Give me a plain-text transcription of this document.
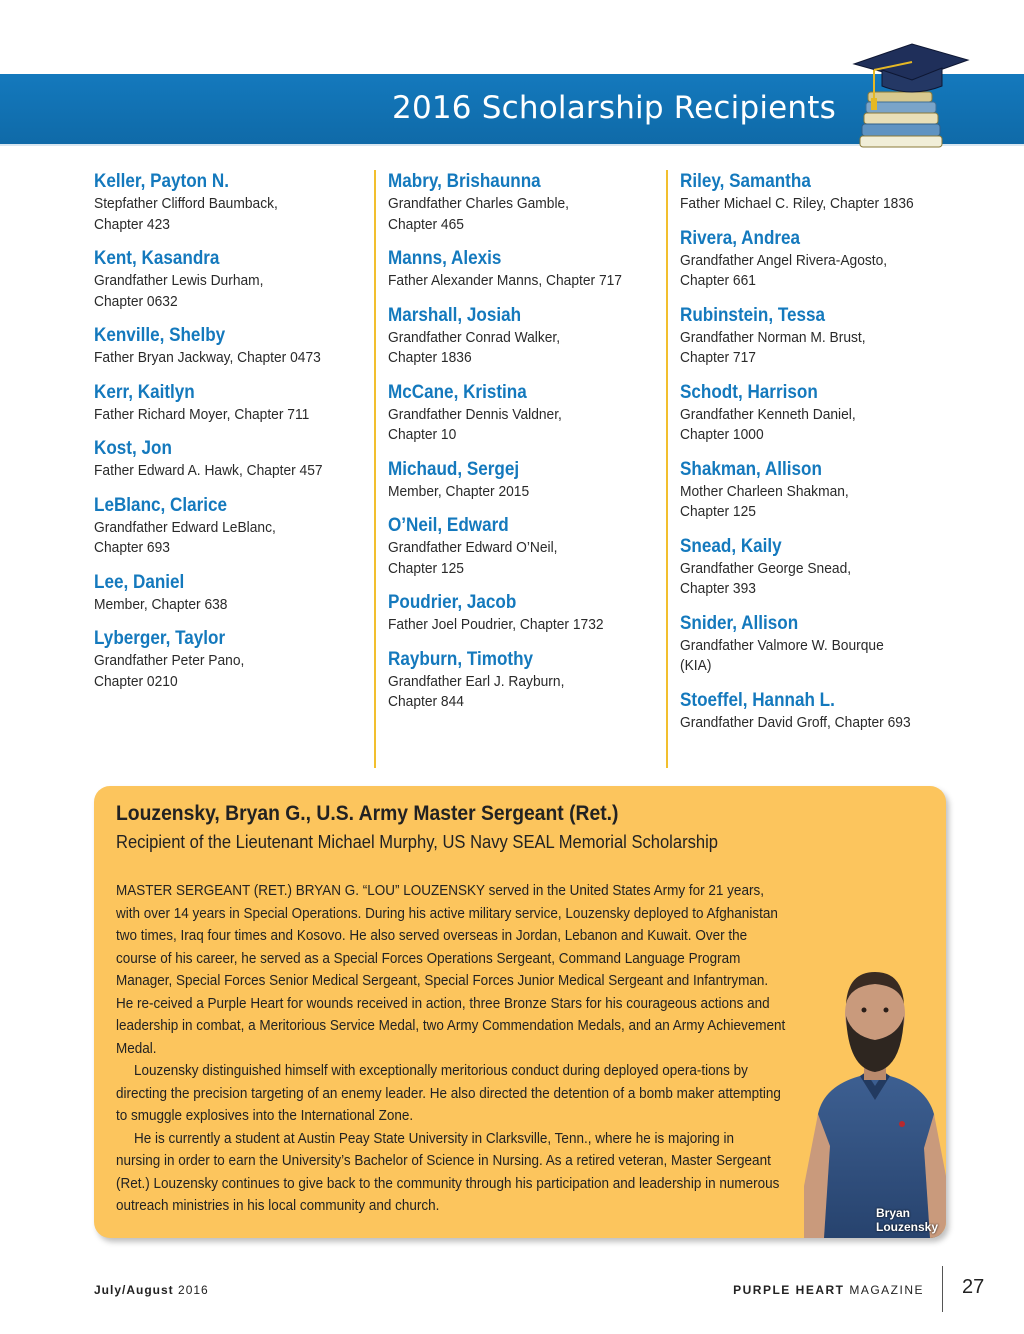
2016 Scholarship Recipients
Keller, Payton N.
Stepfather Clifford Baumback,
Chapter 423
Kent, Kasandra
Grandfather Lewis Durham,
Chapter 0632
Kenville, Shelby
Father Bryan Jackway, Chapter 0473
Kerr, Kaitlyn
Father Richard Moyer, Chapter 711
Kost, Jon
Father Edward A. Hawk, Chapter 457
LeBlanc, Clarice
Grandfather Edward LeBlanc,
Chapter 693
Lee, Daniel
Member, Chapter 638
Lyberger, Taylor
Grandfather Peter Pano,
Chapter 0210
Mabry, Brishaunna
Grandfather Charles Gamble,
Chapter 465
Manns, Alexis
Father Alexander Manns, Chapter 717
Marshall, Josiah
Grandfather Conrad Walker,
Chapter 1836
McCane, Kristina
Grandfather Dennis Valdner,
Chapter 10
Michaud, Sergej
Member, Chapter 2015
O’Neil, Edward
Grandfather Edward O’Neil,
Chapter 125
Poudrier, Jacob
Father Joel Poudrier, Chapter 1732
Rayburn, Timothy
Grandfather Earl J. Rayburn,
Chapter 844
Riley, Samantha
Father Michael C. Riley, Chapter 1836
Rivera, Andrea
Grandfather Angel Rivera-Agosto,
Chapter 661
Rubinstein, Tessa
Grandfather Norman M. Brust,
Chapter 717
Schodt, Harrison
Grandfather Kenneth Daniel,
Chapter 1000
Shakman, Allison
Mother Charleen Shakman,
Chapter 125
Snead, Kaily
Grandfather George Snead,
Chapter 393
Snider, Allison
Grandfather Valmore W. Bourque
(KIA)
Stoeffel, Hannah L.
Grandfather David Groff, Chapter 693
Louzensky, Bryan G., U.S. Army Master Sergeant (Ret.)
Recipient of the Lieutenant Michael Murphy, US Navy SEAL Memorial Scholarship

MASTER SERGEANT (RET.) BRYAN G. “LOU” LOUZENSKY served in the United States Army for 21 years, with over 14 years in Special Operations. During his active military service, Louzensky deployed to Afghanistan two times, Iraq four times and Kosovo. He also served overseas in Jordan, Lebanon and Kuwait. Over the course of his career, he served as a Special Forces Operations Sergeant, Command Language Program Manager, Special Forces Senior Medical Sergeant, Special Forces Junior Medical Sergeant and Infantryman. He re-ceived a Purple Heart for wounds received in action, three Bronze Stars for his courageous actions and leadership in combat, a Meritorious Service Medal, two Army Commendation Medals, and an Army Achievement Medal.

Louzensky distinguished himself with exceptionally meritorious conduct during deployed opera-tions by directing the precision targeting of an enemy leader. He also directed the detention of a bomb maker attempting to smuggle explosives into the International Zone.

He is currently a student at Austin Peay State University in Clarksville, Tenn., where he is majoring in nursing in order to earn the University’s Bachelor of Science in Nursing. As a retired veteran, Master Sergeant (Ret.) Louzensky continues to give back to the community through his participation and leadership in numerous outreach ministries in his local community and church.	Bryan Louzensky
July/August 2016	PURPLE HEART MAGAZINE 27
